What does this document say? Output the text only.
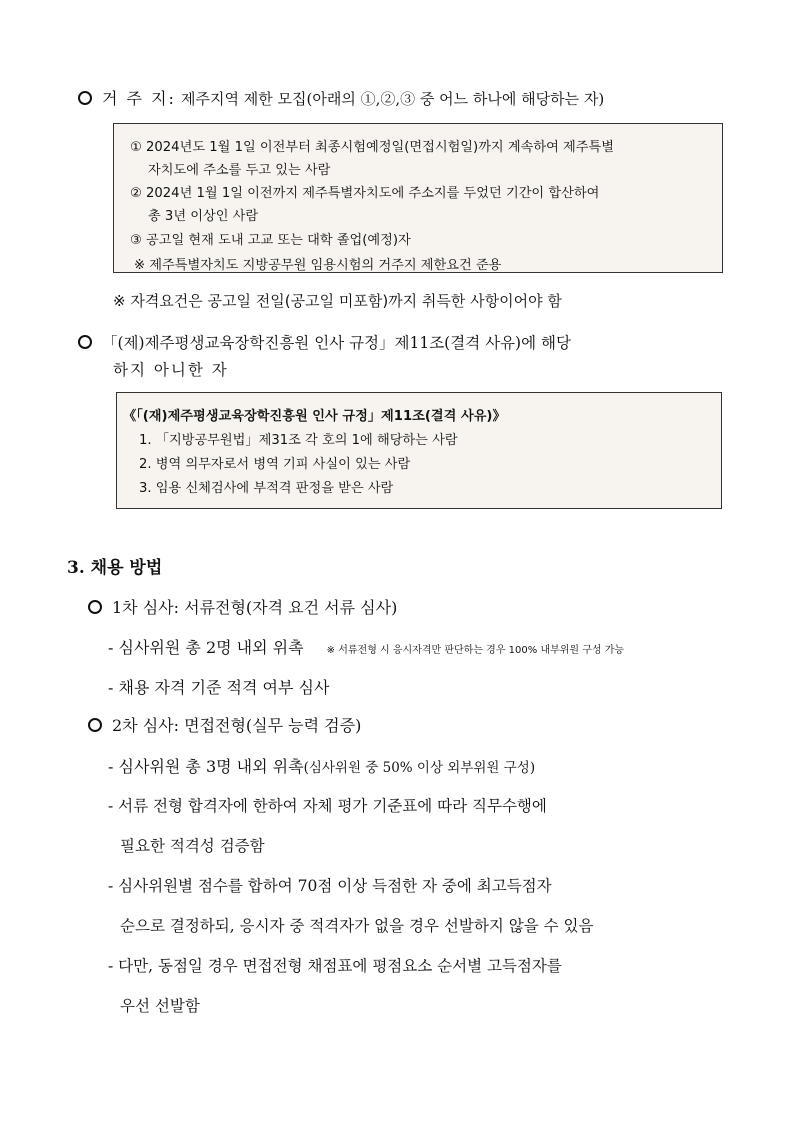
거 주 지: 제주지역 제한 모집(아래의 ①,②,③ 중 어느 하나에 해당하는 자)
① 2024년도 1월 1일 이전부터 최종시험예정일(면접시험일)까지 계속하여 제주특별
자치도에 주소를 두고 있는 사람
② 2024년 1월 1일 이전까지 제주특별자치도에 주소지를 두었던 기간이 합산하여
총 3년 이상인 사람
③ 공고일 현재 도내 고교 또는 대학 졸업(예정)자
※ 제주특별자치도 지방공무원 임용시험의 거주지 제한요건 준용
※ 자격요건은 공고일 전일(공고일 미포함)까지 취득한 사항이어야 함
「(제)제주평생교육장학진흥원 인사 규정」제11조(결격 사유)에 해당
하지 아니한 자
《「(재)제주평생교육장학진흥원 인사 규정」제11조(결격 사유)》
1. 「지방공무원법」제31조 각 호의 1에 해당하는 사람
2. 병역 의무자로서 병역 기피 사실이 있는 사람
3. 임용 신체검사에 부적격 판정을 받은 사람
3. 채용 방법
1차 심사: 서류전형(자격 요건 서류 심사)
- 심사위원 총 2명 내외 위촉 ※ 서류전형 시 응시자격만 판단하는 경우 100% 내부위원 구성 가능
- 채용 자격 기준 적격 여부 심사
2차 심사: 면접전형(실무 능력 검증)
- 심사위원 총 3명 내외 위촉(심사위원 중 50% 이상 외부위원 구성)
- 서류 전형 합격자에 한하여 자체 평가 기준표에 따라 직무수행에
필요한 적격성 검증함
- 심사위원별 점수를 합하여 70점 이상 득점한 자 중에 최고득점자
순으로 결정하되, 응시자 중 적격자가 없을 경우 선발하지 않을 수 있음
- 다만, 동점일 경우 면접전형 채점표에 평점요소 순서별 고득점자를
우선 선발함
